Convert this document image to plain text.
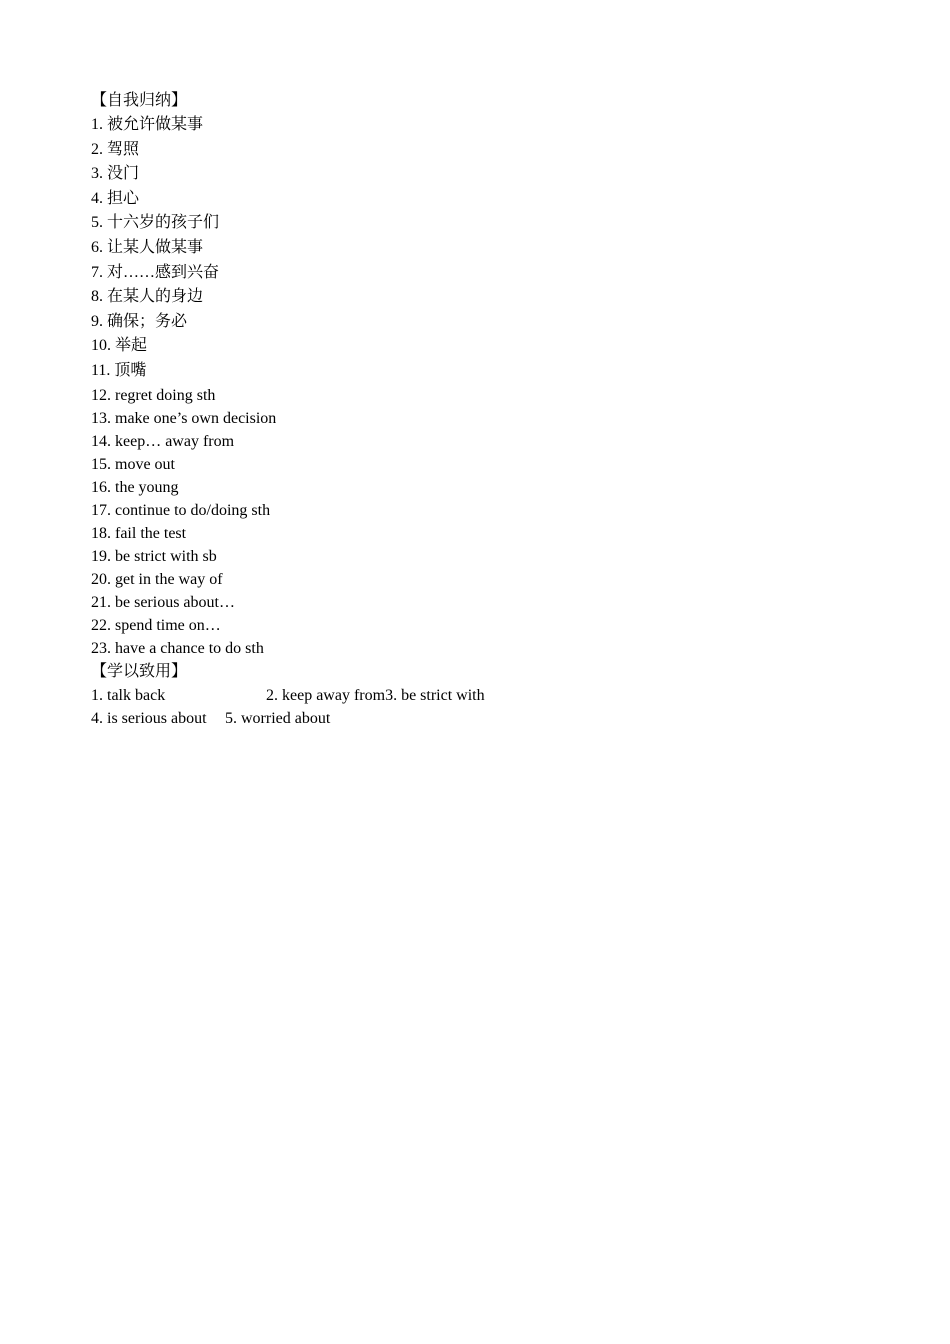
【自我归纳】
1. 被允许做某事
2. 驾照
3. 没门
4. 担心
5. 十六岁的孩子们
6. 让某人做某事
7. 对……感到兴奋
8. 在某人的身边
9. 确保；务必
10. 举起
11. 顶嘴
12. regret doing sth
13. make one’s own decision
14. keep… away from
15. move out
16. the young
17. continue to do/doing sth
18. fail the test
19. be strict with sb
20. get in the way of
21. be serious about…
22. spend time on…
23. have a chance to do sth
【学以致用】
1. talk back	2. keep away from 3. be strict with
4. is serious about	5. worried about
